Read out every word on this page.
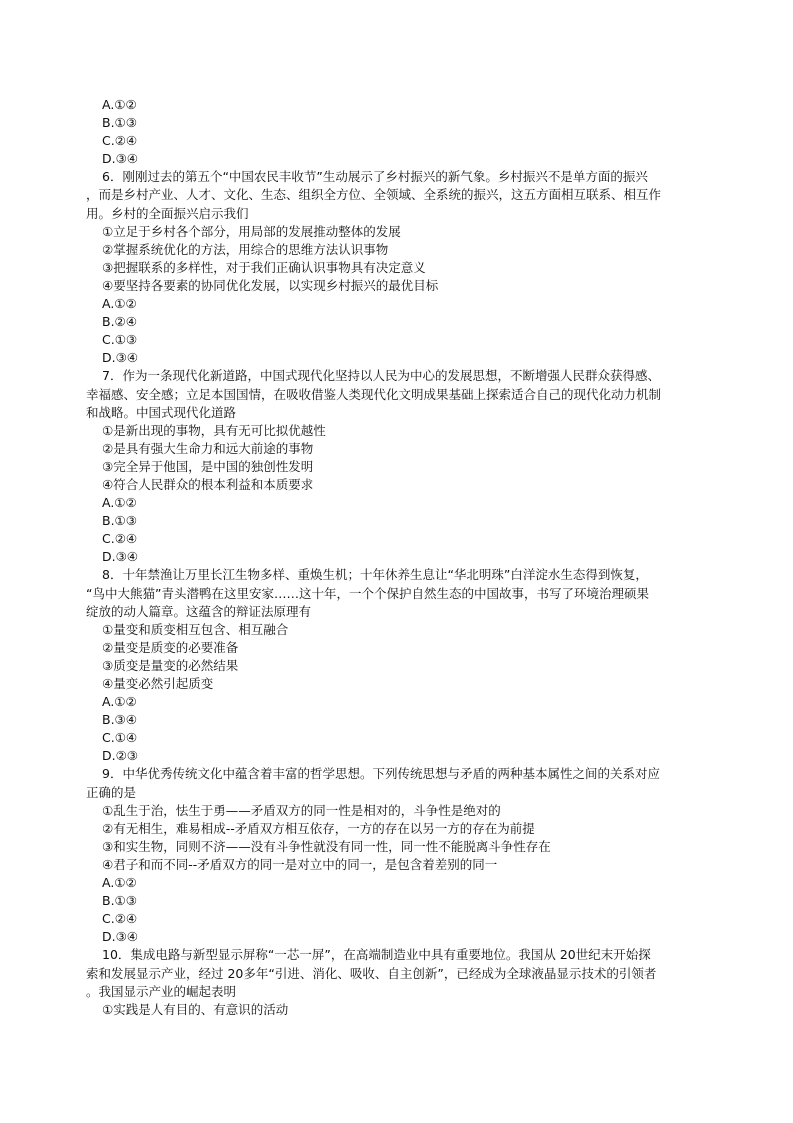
A.①②
B.①③
C.②④
D.③④
6．刚刚过去的第五个“中国农民丰收节”生动展示了乡村振兴的新气象。乡村振兴不是单方面的振兴
，而是乡村产业、人才、文化、生态、组织全方位、全领域、全系统的振兴，这五方面相互联系、相互作
用。乡村的全面振兴启示我们
①立足于乡村各个部分，用局部的发展推动整体的发展
②掌握系统优化的方法，用综合的思维方法认识事物
③把握联系的多样性，对于我们正确认识事物具有决定意义
④要坚持各要素的协同优化发展，以实现乡村振兴的最优目标
A.①②
B.②④
C.①③
D.③④
7．作为一条现代化新道路，中国式现代化坚持以人民为中心的发展思想，不断增强人民群众获得感、
幸福感、安全感；立足本国国情，在吸收借鉴人类现代化文明成果基础上探索适合自己的现代化动力机制
和战略。中国式现代化道路
①是新出现的事物，具有无可比拟优越性
②是具有强大生命力和远大前途的事物
③完全异于他国，是中国的独创性发明
④符合人民群众的根本利益和本质要求
A.①②
B.①③
C.②④
D.③④
8．十年禁渔让万里长江生物多样、重焕生机；十年休养生息让“华北明珠”白洋淀水生态得到恢复，
“鸟中大熊猫”青头潜鸭在这里安家……这十年，一个个保护自然生态的中国故事，书写了环境治理硕果
绽放的动人篇章。这蕴含的辩证法原理有
①量变和质变相互包含、相互融合
②量变是质变的必要准备
③质变是量变的必然结果
④量变必然引起质变
A.①②
B.③④
C.①④
D.②③
9．中华优秀传统文化中蕴含着丰富的哲学思想。下列传统思想与矛盾的两种基本属性之间的关系对应
正确的是
①乱生于治，怯生于勇——矛盾双方的同一性是相对的，斗争性是绝对的
②有无相生，难易相成--矛盾双方相互依存，一方的存在以另一方的存在为前提
③和实生物，同则不济——没有斗争性就没有同一性，同一性不能脱离斗争性存在
④君子和而不同--矛盾双方的同一是对立中的同一，是包含着差别的同一
A.①②
B.①③
C.②④
D.③④
10．集成电路与新型显示屏称“一芯一屏”，在高端制造业中具有重要地位。我国从 20世纪末开始探
索和发展显示产业，经过 20多年“引进、消化、吸收、自主创新”，已经成为全球液晶显示技术的引领者
。我国显示产业的崛起表明
①实践是人有目的、有意识的活动
